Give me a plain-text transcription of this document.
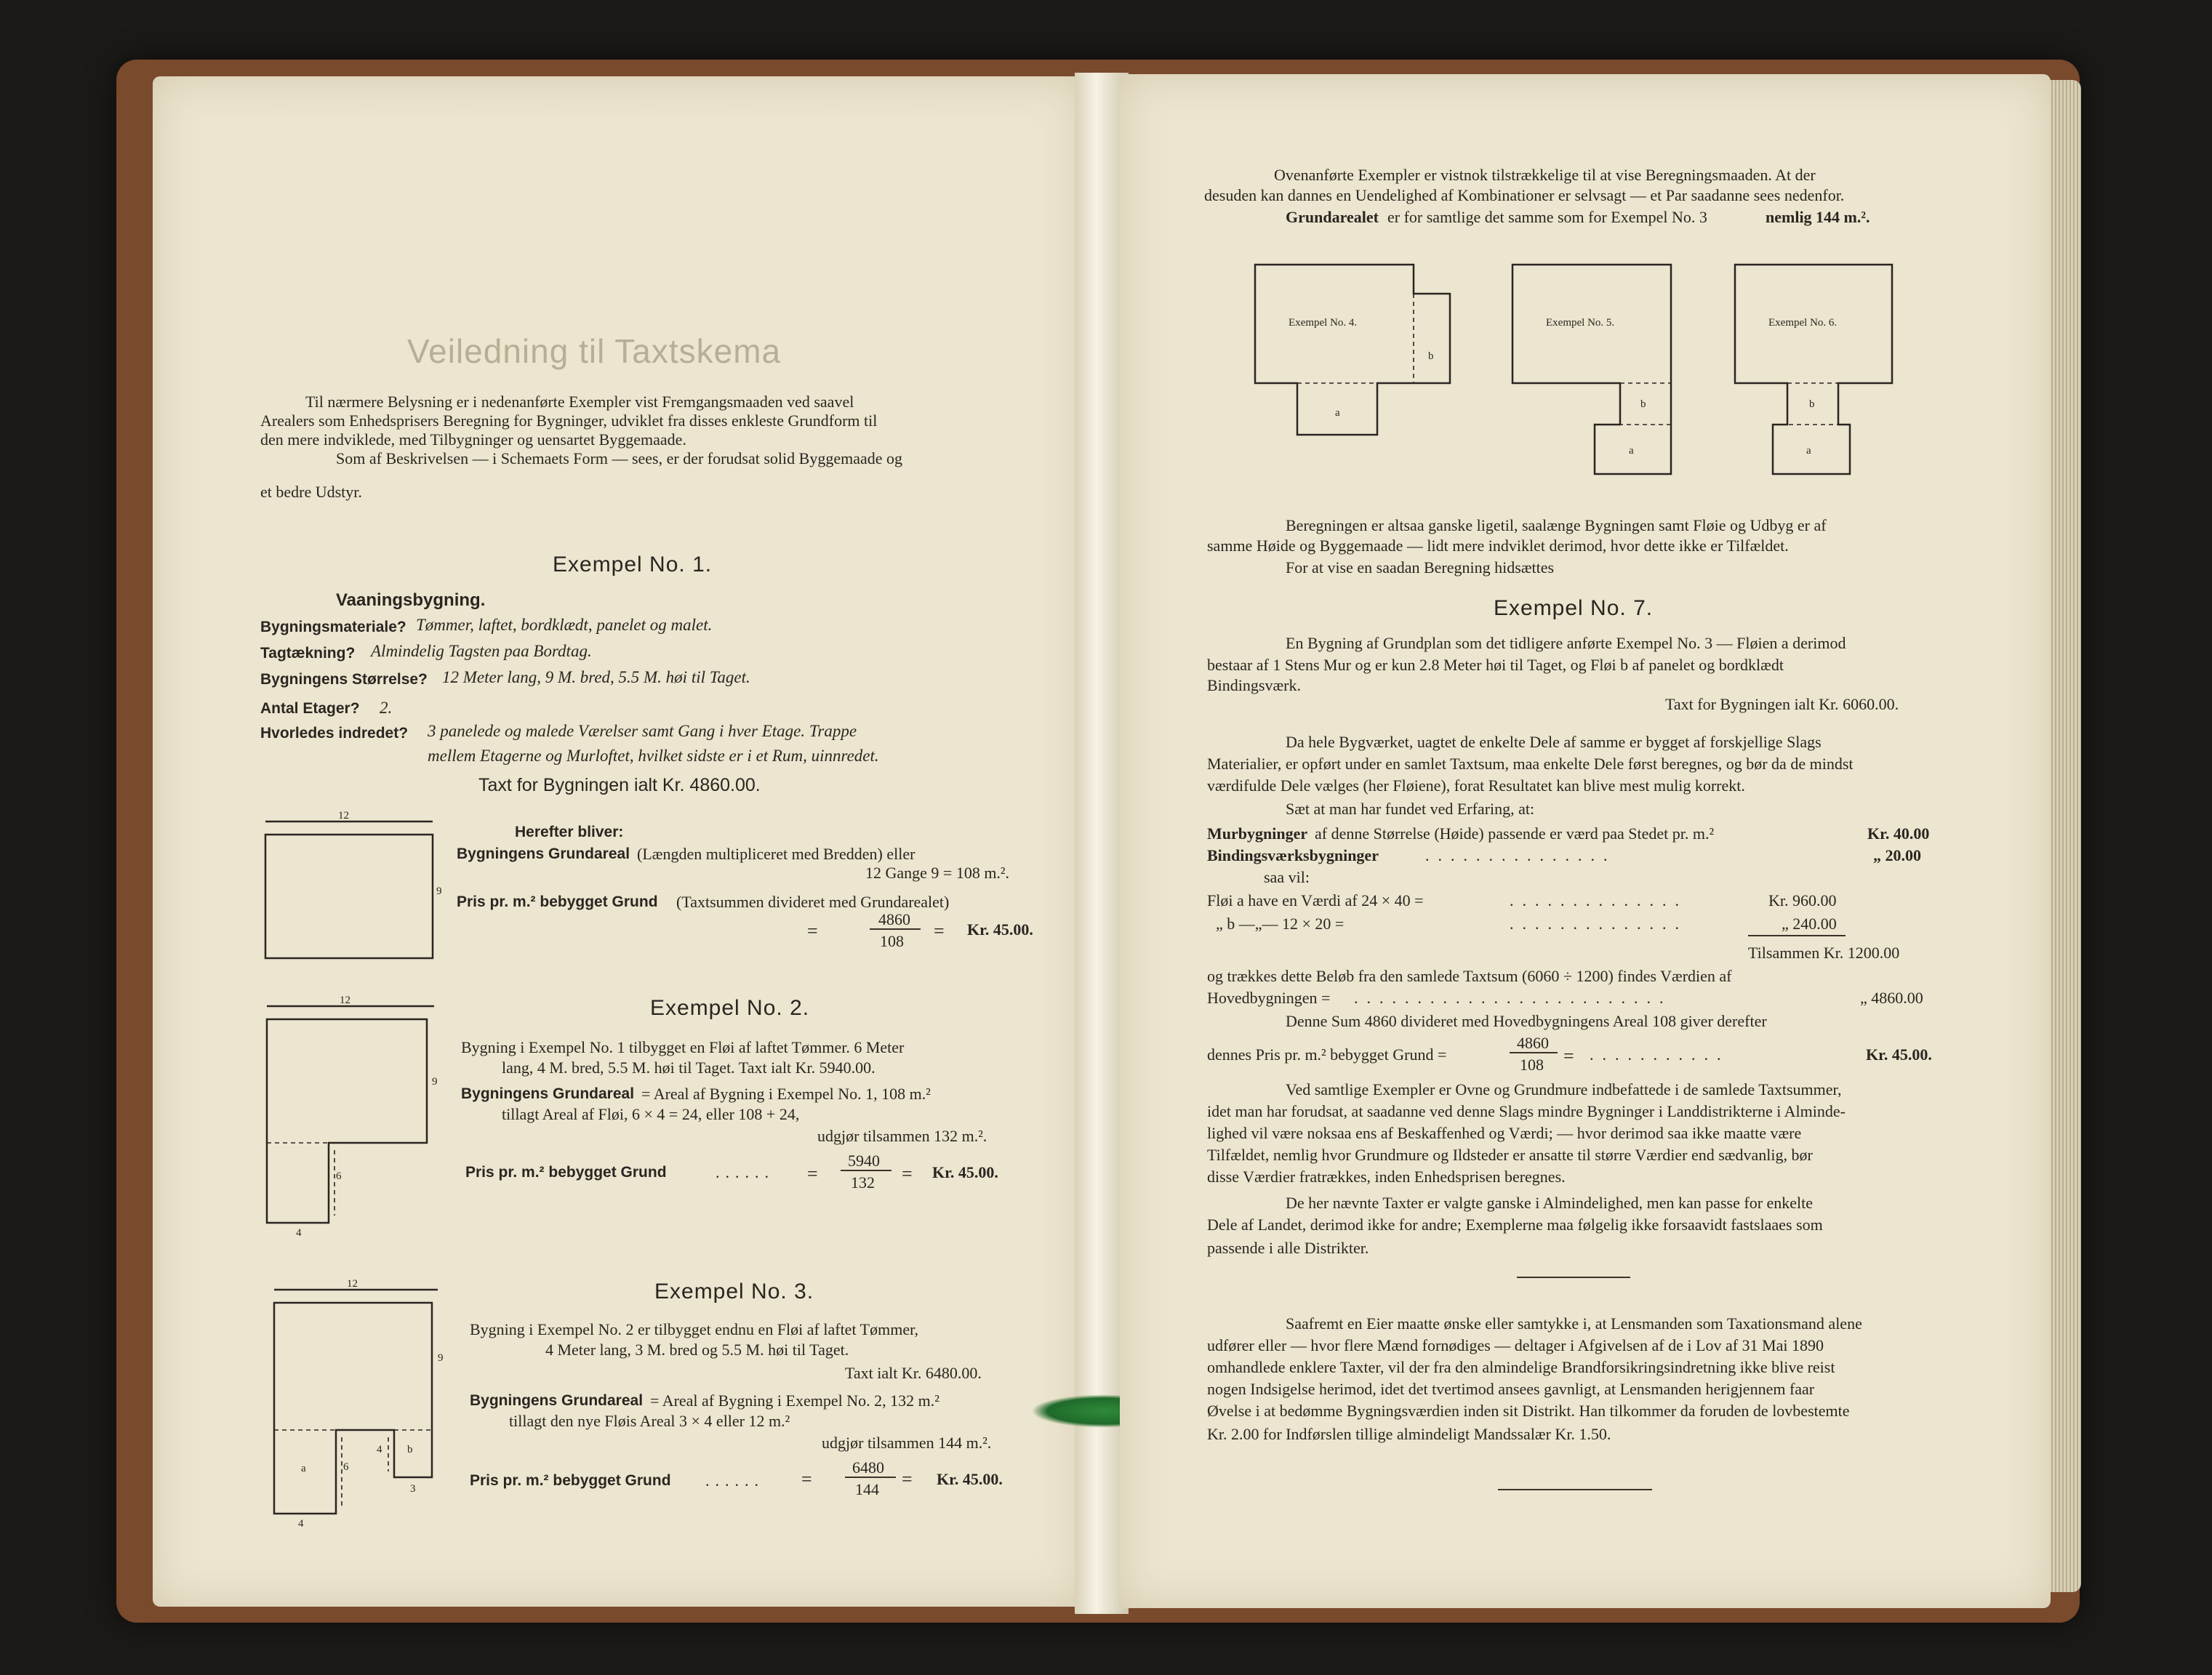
Veiledning til Taxtskema
Til nærmere Belysning er i nedenanførte Exempler vist Fremgangsmaaden ved saavel
Arealers som Enhedsprisers Beregning for Bygninger, udviklet fra disses enkleste Grundform til
den mere indviklede, med Tilbygninger og uensartet Byggemaade.
Som af Beskrivelsen — i Schemaets Form — sees, er der forudsat solid Byggemaade og
et bedre Udstyr.
Exempel No. 1.
Vaaningsbygning.
Bygningsmateriale? Tømmer, laftet, bordklædt, panelet og malet.
Tagtækning? Almindelig Tagsten paa Bordtag.
Bygningens Størrelse? 12 Meter lang, 9 M. bred, 5.5 M. høi til Taget.
Antal Etager? 2.
Hvorledes indredet? 3 panelede og malede Værelser samt Gang i hver Etage. Trappe
mellem Etagerne og Murloftet, hvilket sidste er i et Rum, uinnredet.
Taxt for Bygningen ialt Kr. 4860.00.
12
9
Herefter bliver:
Bygningens Grundareal (Længden multipliceret med Bredden) eller
12 Gange 9 = 108 m.².
Pris pr. m.² bebygget Grund (Taxtsummen divideret med Grundarealet)
=
4860
108 = Kr. 45.00.
12
9
6
4
Exempel No. 2.
Bygning i Exempel No. 1 tilbygget en Fløi af laftet Tømmer. 6 Meter
lang, 4 M. bred, 5.5 M. høi til Taget. Taxt ialt Kr. 5940.00.
Bygningens Grundareal = Areal af Bygning i Exempel No. 1, 108 m.²
tillagt Areal af Fløi, 6 × 4 = 24, eller 108 + 24,
udgjør tilsammen 132 m.².
Pris pr. m.² bebygget Grund	...... =
5940
132 = Kr. 45.00.
12
9
a	6
4 b
3
4
Exempel No. 3.
Bygning i Exempel No. 2 er tilbygget endnu en Fløi af laftet Tømmer,
4 Meter lang, 3 M. bred og 5.5 M. høi til Taget.
Taxt ialt Kr. 6480.00.
Bygningens Grundareal = Areal af Bygning i Exempel No. 2, 132 m.²
tillagt den nye Fløis Areal 3 × 4 eller 12 m.²
udgjør tilsammen 144 m.².
Pris pr. m.² bebygget Grund ...... =
6480
144 = Kr. 45.00.
Ovenanførte Exempler er vistnok tilstrækkelige til at vise Beregningsmaaden. At der
desuden kan dannes en Uendelighed af Kombinationer er selvsagt — et Par saadanne sees nedenfor.
Grundarealet er for samtlige det samme som for Exempel No. 3	nemlig 144 m.².
Exempel No. 4.
a
b
Exempel No. 5.
b
a
Exempel No. 6.
b
a
Beregningen er altsaa ganske ligetil, saalænge Bygningen samt Fløie og Udbyg er af
samme Høide og Byggemaade — lidt mere indviklet derimod, hvor dette ikke er Tilfældet.
For at vise en saadan Beregning hidsættes
Exempel No. 7.
En Bygning af Grundplan som det tidligere anførte Exempel No. 3 — Fløien a derimod
bestaar af 1 Stens Mur og er kun 2.8 Meter høi til Taget, og Fløi b af panelet og bordklædt
Bindingsværk.
Taxt for Bygningen ialt Kr. 6060.00.
Da hele Bygværket, uagtet de enkelte Dele af samme er bygget af forskjellige Slags
Materialier, er opført under en samlet Taxtsum, maa enkelte Dele først beregnes, og bør da de mindst
værdifulde Dele vælges (her Fløiene), forat Resultatet kan blive mest mulig korrekt.
Sæt at man har fundet ved Erfaring, at:
Murbygninger af denne Størrelse (Høide) passende er værd paa Stedet pr. m.²	Kr. 40.00
Bindingsværksbygninger	...............	„ 20.00
saa vil:
Fløi a have en Værdi af 24 × 40 =	..............	Kr. 960.00
„ b —„— 12 × 20 =	..............	„ 240.00
Tilsammen Kr. 1200.00
og trækkes dette Beløb fra den samlede Taxtsum (6060 ÷ 1200) findes Værdien af
Hovedbygningen = .........................	„ 4860.00
Denne Sum 4860 divideret med Hovedbygningens Areal 108 giver derefter
dennes Pris pr. m.² bebygget Grund =
4860
108 = ...........	Kr. 45.00.
Ved samtlige Exempler er Ovne og Grundmure indbefattede i de samlede Taxtsummer,
idet man har forudsat, at saadanne ved denne Slags mindre Bygninger i Landdistrikterne i Alminde-
lighed vil være noksaa ens af Beskaffenhed og Værdi; — hvor derimod saa ikke maatte være
Tilfældet, nemlig hvor Grundmure og Ildsteder er ansatte til større Værdier end sædvanlig, bør
disse Værdier fratrækkes, inden Enhedsprisen beregnes.
De her nævnte Taxter er valgte ganske i Almindelighed, men kan passe for enkelte
Dele af Landet, derimod ikke for andre; Exemplerne maa følgelig ikke forsaavidt fastslaaes som
passende i alle Distrikter.
Saafremt en Eier maatte ønske eller samtykke i, at Lensmanden som Taxationsmand alene
udfører eller — hvor flere Mænd fornødiges — deltager i Afgivelsen af de i Lov af 31 Mai 1890
omhandlede enklere Taxter, vil der fra den almindelige Brandforsikringsindretning ikke blive reist
nogen Indsigelse herimod, idet det tvertimod ansees gavnligt, at Lensmanden herigjennem faar
Øvelse i at bedømme Bygningsværdien inden sit Distrikt. Han tilkommer da foruden de lovbestemte
Kr. 2.00 for Indførslen tillige almindeligt Mandssalær Kr. 1.50.
